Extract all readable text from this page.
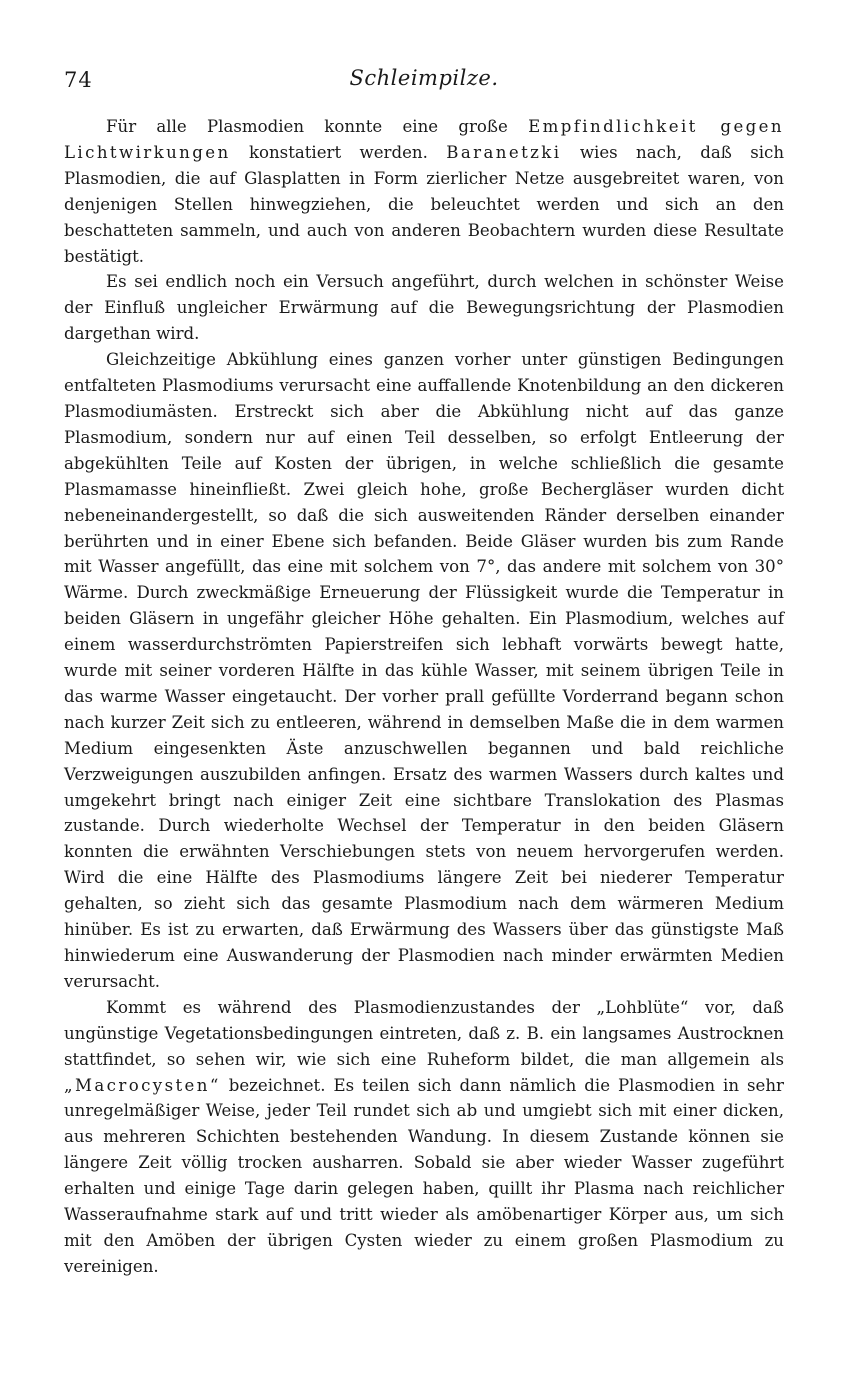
74	Schleimpilze.

Für alle Plasmodien konnte eine große Empfindlichkeit gegen Lichtwirkungen konstatiert werden. Baranetzki wies nach, daß sich Plasmodien, die auf Glasplatten in Form zierlicher Netze ausgebreitet waren, von denjenigen Stellen hinwegziehen, die beleuchtet werden und sich an den beschatteten sammeln, und auch von anderen Beobachtern wurden diese Resultate bestätigt.

Es sei endlich noch ein Versuch angeführt, durch welchen in schönster Weise der Einfluß ungleicher Erwärmung auf die Bewegungsrichtung der Plasmodien dargethan wird.

Gleichzeitige Abkühlung eines ganzen vorher unter günstigen Bedingungen entfalteten Plasmodiums verursacht eine auffallende Knotenbildung an den dickeren Plasmodiumästen. Erstreckt sich aber die Abkühlung nicht auf das ganze Plasmodium, sondern nur auf einen Teil desselben, so erfolgt Entleerung der abgekühlten Teile auf Kosten der übrigen, in welche schließlich die gesamte Plasmamasse hineinfließt. Zwei gleich hohe, große Bechergläser wurden dicht nebeneinandergestellt, so daß die sich ausweitenden Ränder derselben einander berührten und in einer Ebene sich befanden. Beide Gläser wurden bis zum Rande mit Wasser angefüllt, das eine mit solchem von 7°, das andere mit solchem von 30° Wärme. Durch zweckmäßige Erneuerung der Flüssigkeit wurde die Temperatur in beiden Gläsern in ungefähr gleicher Höhe gehalten. Ein Plasmodium, welches auf einem wasserdurchströmten Papierstreifen sich lebhaft vorwärts bewegt hatte, wurde mit seiner vorderen Hälfte in das kühle Wasser, mit seinem übrigen Teile in das warme Wasser eingetaucht. Der vorher prall gefüllte Vorderrand begann schon nach kurzer Zeit sich zu entleeren, während in demselben Maße die in dem warmen Medium eingesenkten Äste anzuschwellen begannen und bald reichliche Verzweigungen auszubilden anfingen. Ersatz des warmen Wassers durch kaltes und umgekehrt bringt nach einiger Zeit eine sichtbare Translokation des Plasmas zustande. Durch wiederholte Wechsel der Temperatur in den beiden Gläsern konnten die erwähnten Verschiebungen stets von neuem hervorgerufen werden. Wird die eine Hälfte des Plasmodiums längere Zeit bei niederer Temperatur gehalten, so zieht sich das gesamte Plasmodium nach dem wärmeren Medium hinüber. Es ist zu erwarten, daß Erwärmung des Wassers über das günstigste Maß hinwiederum eine Auswanderung der Plasmodien nach minder erwärmten Medien verursacht.

Kommt es während des Plasmodienzustandes der „Lohblüte“ vor, daß ungünstige Vegetationsbedingungen eintreten, daß z. B. ein langsames Austrocknen stattfindet, so sehen wir, wie sich eine Ruheform bildet, die man allgemein als „Macrocysten“ bezeichnet. Es teilen sich dann nämlich die Plasmodien in sehr unregelmäßiger Weise, jeder Teil rundet sich ab und umgiebt sich mit einer dicken, aus mehreren Schichten bestehenden Wandung. In diesem Zustande können sie längere Zeit völlig trocken ausharren. Sobald sie aber wieder Wasser zugeführt erhalten und einige Tage darin gelegen haben, quillt ihr Plasma nach reichlicher Wasseraufnahme stark auf und tritt wieder als amöbenartiger Körper aus, um sich mit den Amöben der übrigen Cysten wieder zu einem großen Plasmodium zu vereinigen.
